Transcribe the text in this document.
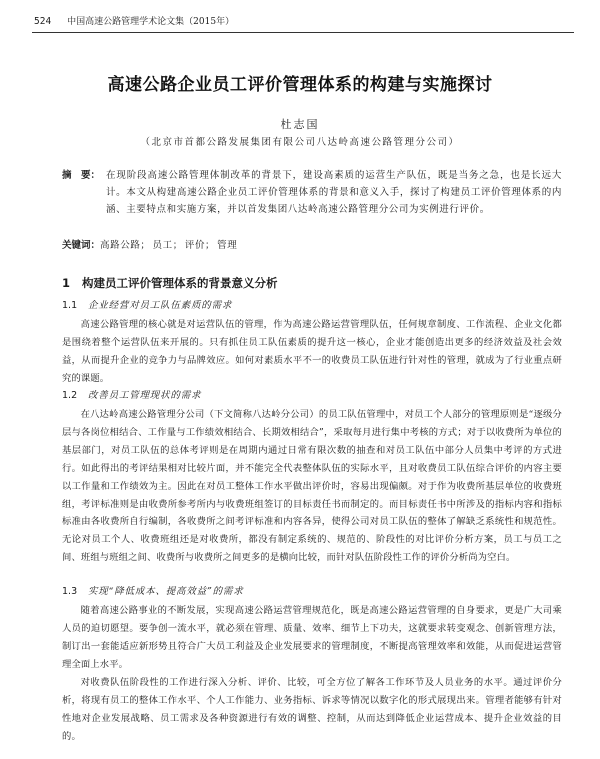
524 中国高速公路管理学术论文集（2015年）
高速公路企业员工评价管理体系的构建与实施探讨
杜志国
（北京市首都公路发展集团有限公司八达岭高速公路管理分公司）
摘　要： 在现阶段高速公路管理体制改革的背景下，建设高素质的运营生产队伍，既是当务之急，也是长远大计。本文从构建高速公路企业员工评价管理体系的背景和意义入手，探讨了构建员工评价管理体系的内涵、主要特点和实施方案，并以首发集团八达岭高速公路管理分公司为实例进行评价。
关键词：高路公路； 员工； 评价； 管理
1 构建员工评价管理体系的背景意义分析
1.1 企业经营对员工队伍素质的需求

高速公路管理的核心就是对运营队伍的管理，作为高速公路运营管理队伍，任何规章制度、工作流程、企业文化都是围绕着整个运营队伍来开展的。只有抓住员工队伍素质的提升这一核心，企业才能创造出更多的经济效益及社会效益，从而提升企业的竞争力与品牌效应。如何对素质水平不一的收费员工队伍进行针对性的管理，就成为了行业重点研究的课题。

1.2 改善员工管理现状的需求

在八达岭高速公路管理分公司（下文简称八达岭分公司）的员工队伍管理中，对员工个人部分的管理原则是“逐级分层与各岗位相结合、工作量与工作绩效相结合、长期效相结合”，采取每月进行集中考核的方式；对于以收费所为单位的基层部门，对员工队伍的总体考评则是在周期内通过日常有限次数的抽查和对员工队伍中部分人员集中考评的方式进行。如此得出的考评结果相对比较片面，并不能完全代表整体队伍的实际水平，且对收费员工队伍综合评价的内容主要以工作量和工作绩效为主。因此在对员工整体工作水平做出评价时，容易出现偏颇。对于作为收费所基层单位的收费班组，考评标准则是由收费所参考所内与收费班组签订的目标责任书而制定的。而目标责任书中所涉及的指标内容和指标标准由各收费所自行编制，各收费所之间考评标准和内容各异，使得公司对员工队伍的整体了解缺乏系统性和规范性。无论对员工个人、收费班组还是对收费所，都没有制定系统的、规范的、阶段性的对比评价分析方案，员工与员工之间、班组与班组之间、收费所与收费所之间更多的是横向比较，而针对队伍阶段性工作的评价分析尚为空白。

1.3 实现“降低成本、提高效益”的需求

随着高速公路事业的不断发展，实现高速公路运营管理规范化，既是高速公路运营管理的自身要求，更是广大司乘人员的迫切愿望。要争创一流水平，就必须在管理、质量、效率、细节上下功夫，这就要求转变观念、创新管理方法，制订出一套能适应新形势且符合广大员工利益及企业发展要求的管理制度，不断提高管理效率和效能，从而促进运营管理全面上水平。

对收费队伍阶段性的工作进行深入分析、评价、比较，可全方位了解各工作环节及人员业务的水平。通过评价分析，将现有员工的整体工作水平、个人工作能力、业务指标、诉求等情况以数字化的形式展现出来。管理者能够有针对性地对企业发展战略、员工需求及各种资源进行有效的调整、控制，从而达到降低企业运营成本、提升企业效益的目的。
